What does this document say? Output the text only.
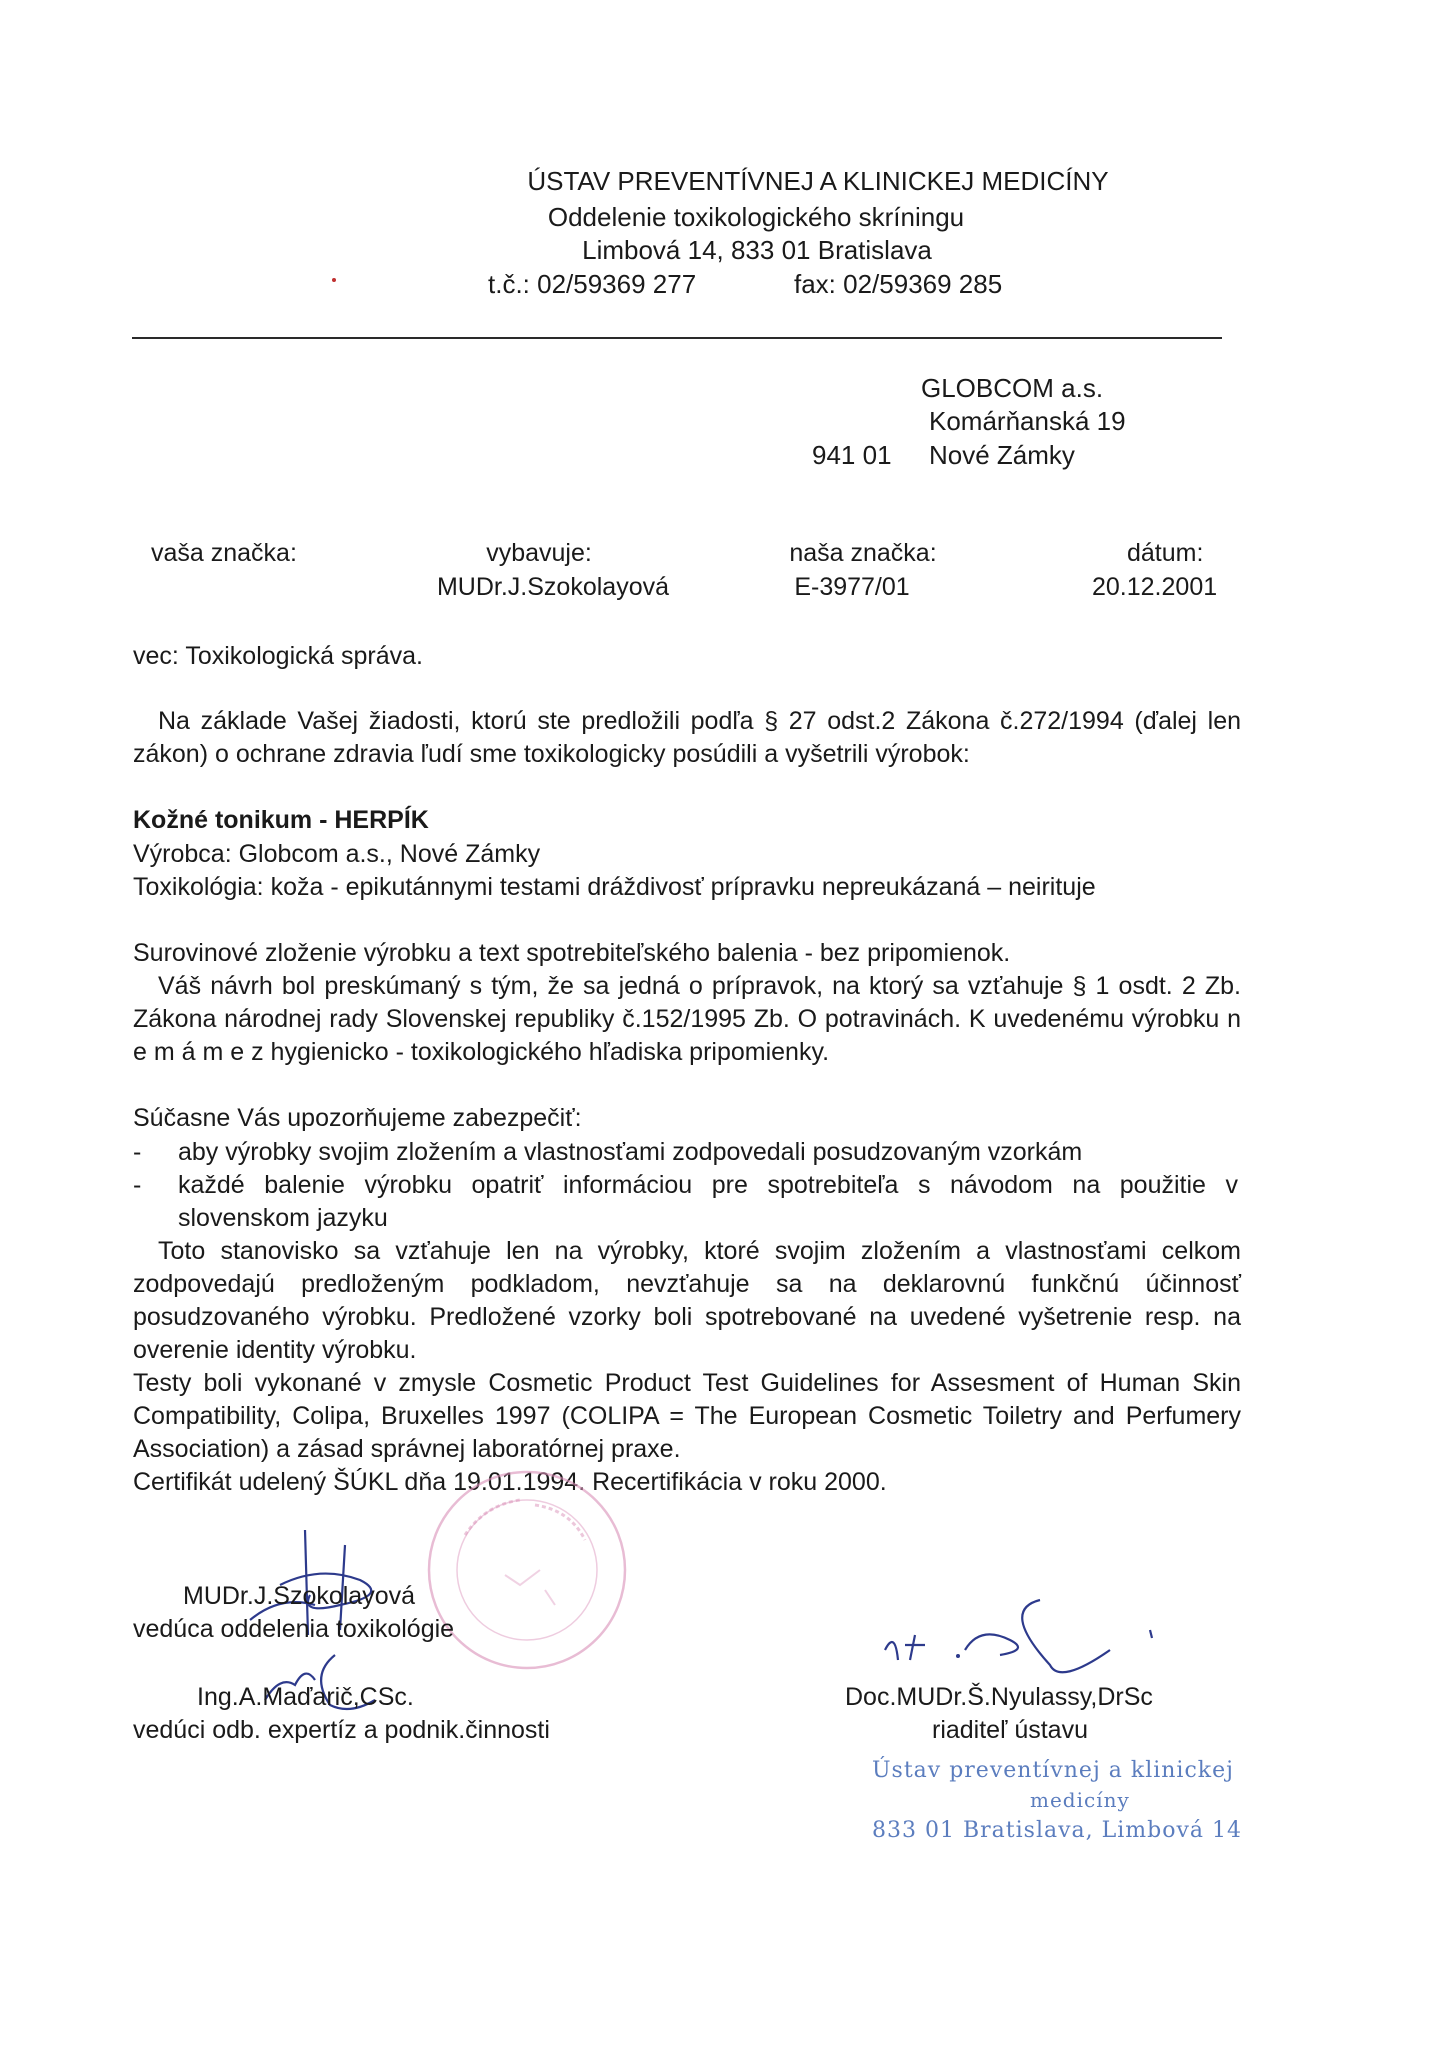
ÚSTAV PREVENTÍVNEJ A KLINICKEJ MEDICÍNY
Oddelenie toxikologického skríningu
Limbová 14, 833 01 Bratislava
t.č.: 02/59369 277	fax: 02/59369 285
GLOBCOM a.s.
Komárňanská 19
941 01 Nové Zámky
vaša značka:	vybavuje:
MUDr.J.Szokolayová
naša značka:
E-3977/01
dátum:
20.12.2001
vec: Toxikologická správa.
Na základe Vašej žiadosti, ktorú ste predložili podľa § 27 odst.2 Zákona č.272/1994 (ďalej len zákon) o ochrane zdravia ľudí sme toxikologicky posúdili a vyšetrili výrobok:
Kožné tonikum - HERPÍK
Výrobca: Globcom a.s., Nové Zámky
Toxikológia: koža - epikutánnymi testami dráždivosť prípravku nepreukázaná – neirituje
Surovinové zloženie výrobku a text spotrebiteľského balenia - bez pripomienok.
Váš návrh bol preskúmaný s tým, že sa jedná o prípravok, na ktorý sa vzťahuje § 1 osdt. 2 Zb. Zákona národnej rady Slovenskej republiky č.152/1995 Zb. O potravinách. K uvedenému výrobku n e m á m e z hygienicko - toxikologického hľadiska pripomienky.
Súčasne Vás upozorňujeme zabezpečiť:
- aby výrobky svojim zložením a vlastnosťami zodpovedali posudzovaným vzorkám
- každé balenie výrobku opatriť informáciou pre spotrebiteľa s návodom na použitie v slovenskom jazyku
Toto stanovisko sa vzťahuje len na výrobky, ktoré svojim zložením a vlastnosťami celkom zodpovedajú predloženým podkladom, nevzťahuje sa na deklarovnú funkčnú účinnosť posudzovaného výrobku. Predložené vzorky boli spotrebované na uvedené vyšetrenie resp. na overenie identity výrobku.
Testy boli vykonané v zmysle Cosmetic Product Test Guidelines for Assesment of Human Skin Compatibility, Colipa, Bruxelles 1997 (COLIPA = The European Cosmetic Toiletry and Perfumery Association) a zásad správnej laboratórnej praxe.
Certifikát udelený ŠÚKL dňa 19.01.1994. Recertifikácia v roku 2000.
MUDr.J.Szokolayová
vedúca oddelenia toxikológie
Ing.A.Maďarič,CSc.
vedúci odb. expertíz a podnik.činnosti
Doc.MUDr.Š.Nyulassy,DrSc
riaditeľ ústavu
Ústav preventívnej a klinickej
medicíny
833 01 Bratislava, Limbová 14
